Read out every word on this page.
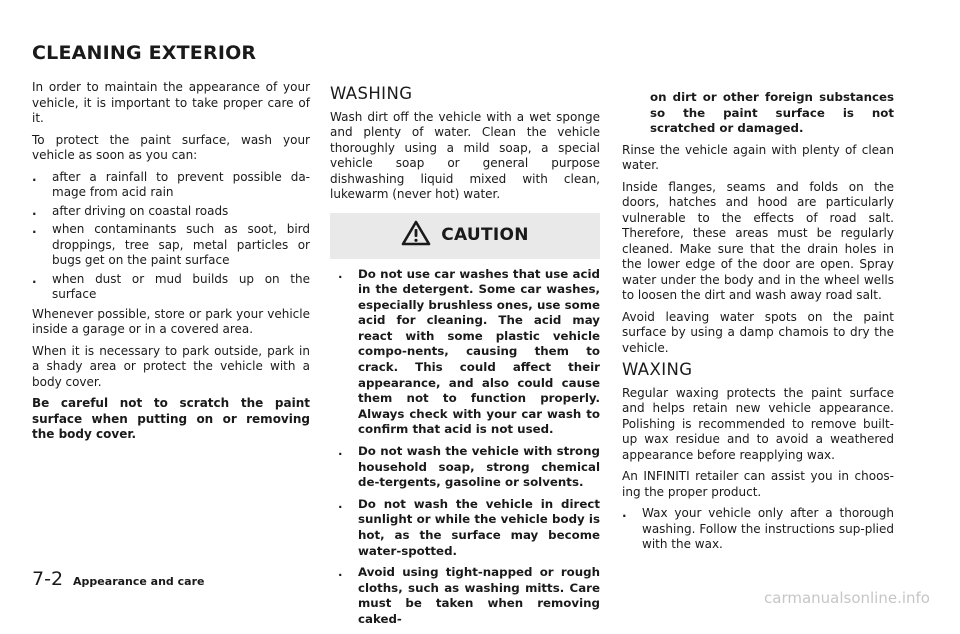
CLEANING EXTERIOR

In order to maintain the appearance of your vehicle, it is important to take proper care of it.

To protect the paint surface, wash your vehicle as soon as you can:

. after a rainfall to prevent possible da-mage from acid rain
. after driving on coastal roads
. when contaminants such as soot, bird droppings, tree sap, metal particles or bugs get on the paint surface
. when dust or mud builds up on the surface

Whenever possible, store or park your vehicle inside a garage or in a covered area.

When it is necessary to park outside, park in a shady area or protect the vehicle with a body cover.

Be careful not to scratch the paint surface when putting on or removing the body cover.

WASHING

Wash dirt off the vehicle with a wet sponge and plenty of water. Clean the vehicle thoroughly using a mild soap, a special vehicle soap or general purpose dishwashing liquid mixed with clean, lukewarm (never hot) water.

CAUTION
. Do not use car washes that use acid in the detergent. Some car washes, especially brushless ones, use some acid for cleaning. The acid may react with some plastic vehicle compo-nents, causing them to crack. This could affect their appearance, and also could cause them not to function properly. Always check with your car wash to confirm that acid is not used.
. Do not wash the vehicle with strong household soap, strong chemical de-tergents, gasoline or solvents.
. Do not wash the vehicle in direct sunlight or while the vehicle body is hot, as the surface may become water-spotted.
. Avoid using tight-napped or rough cloths, such as washing mitts. Care must be taken when removing caked-

on dirt or other foreign substances so the paint surface is not scratched or damaged.

Rinse the vehicle again with plenty of clean water.

Inside flanges, seams and folds on the doors, hatches and hood are particularly vulnerable to the effects of road salt. Therefore, these areas must be regularly cleaned. Make sure that the drain holes in the lower edge of the door are open. Spray water under the body and in the wheel wells to loosen the dirt and wash away road salt.

Avoid leaving water spots on the paint surface by using a damp chamois to dry the vehicle.

WAXING

Regular waxing protects the paint surface and helps retain new vehicle appearance. Polishing is recommended to remove built-up wax residue and to avoid a weathered appearance before reapplying wax.

An INFINITI retailer can assist you in choos-ing the proper product.

. Wax your vehicle only after a thorough washing. Follow the instructions sup-plied with the wax.
7-2 Appearance and care
carmanualsonline.info
